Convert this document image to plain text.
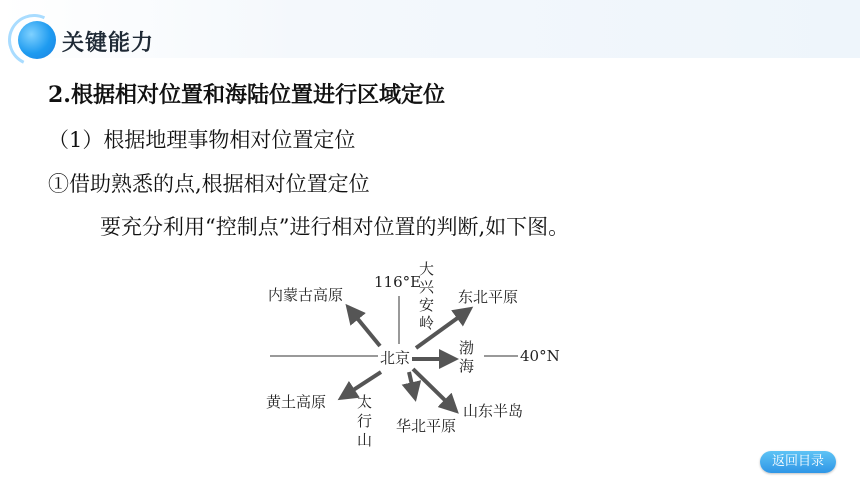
关键能力
2.根据相对位置和海陆位置进行区域定位
（1）根据地理事物相对位置定位
①借助熟悉的点,根据相对位置定位
要充分利用“控制点”进行相对位置的判断,如下图。
116°E
40°N
北京
内蒙古高原
大
兴
安
岭
东北平原
渤
海
黄土高原 太
行
山
华北平原
山东半岛
返回目录
